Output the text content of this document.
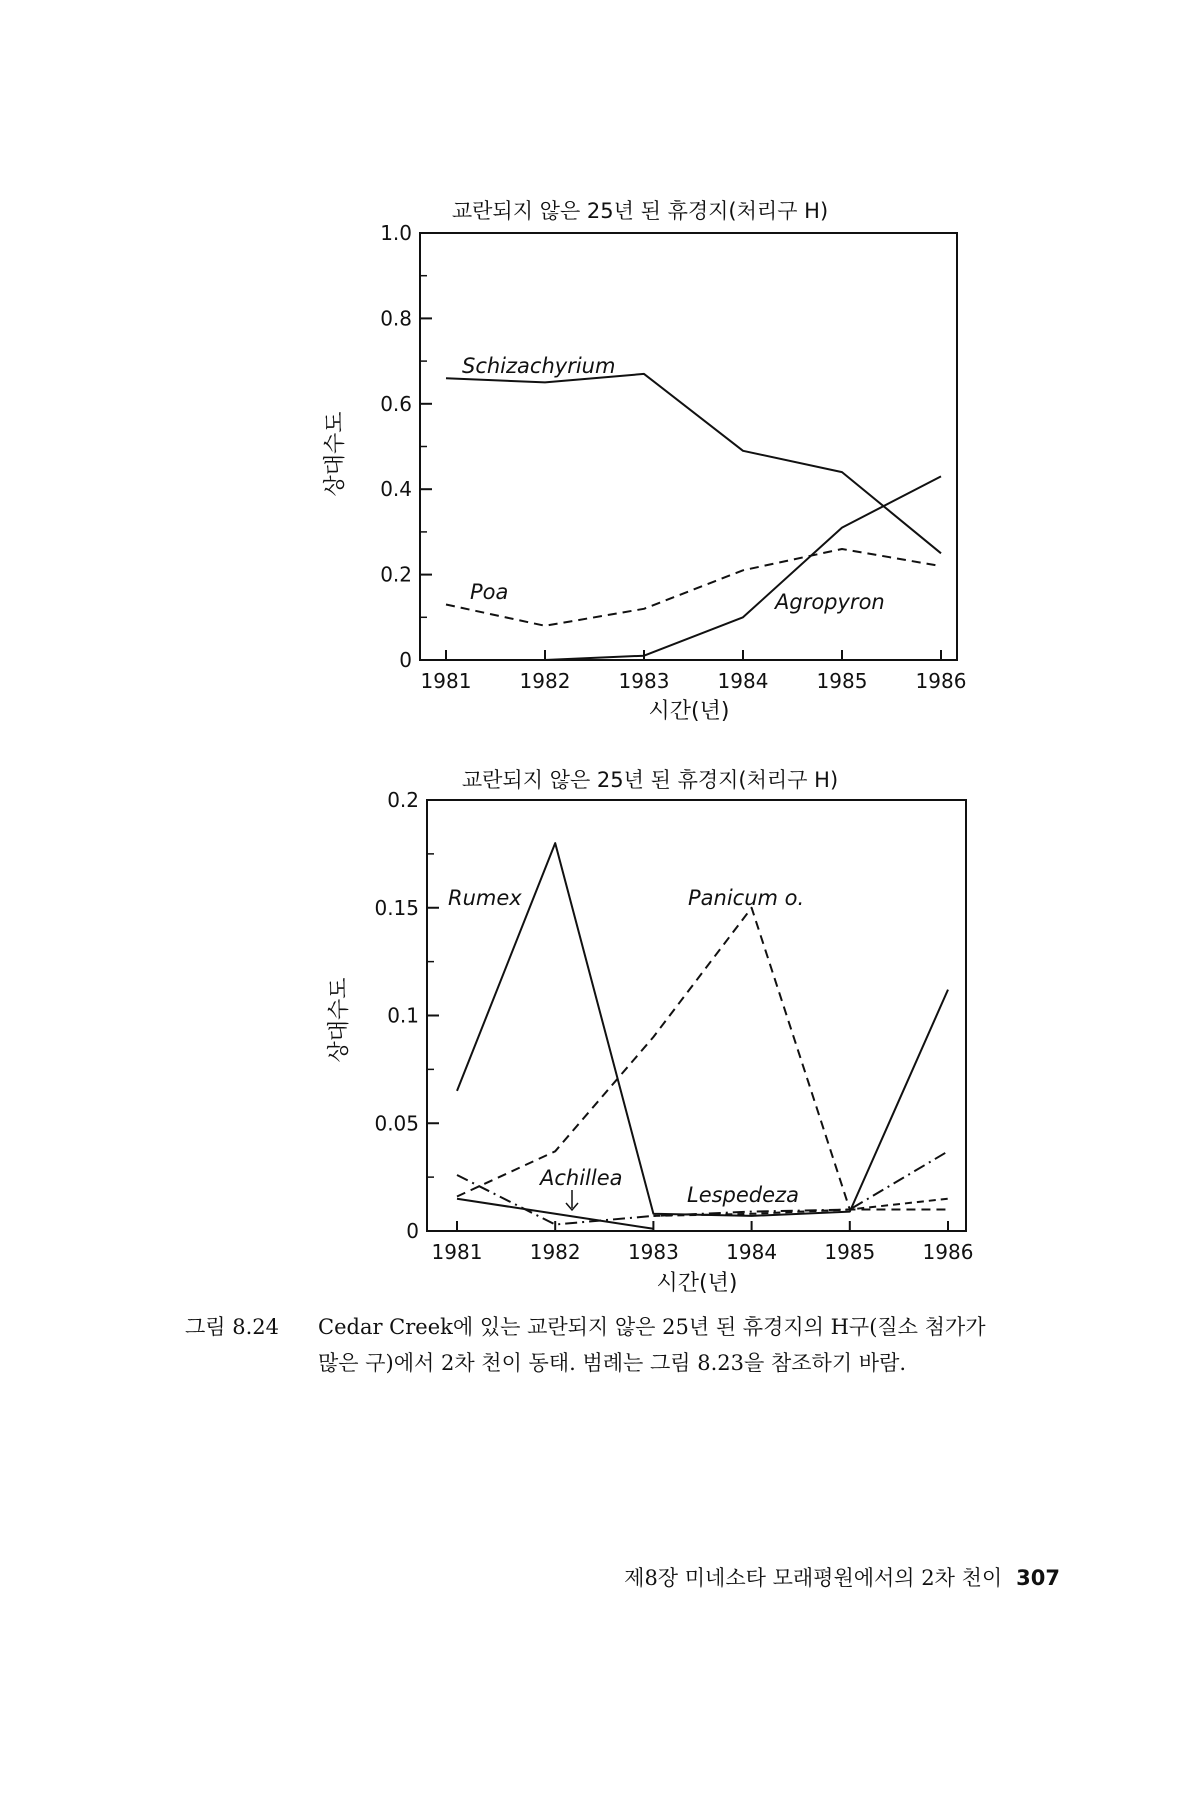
교란되지 않은 25년 된 휴경지(처리구 H)
0
0.2
0.4
0.6
0.8
1.0
1981 1982 1983 1984 1985 1986
상대수도
시간(년)
Schizachyrium
Poa	Agropyron
교란되지 않은 25년 된 휴경지(처리구 H)
0
0.05
0.1
0.15
0.2
1981 1982 1983 1984 1985 1986
상대수도
시간(년)
Rumex	Panicum o.
Achillea
Lespedeza
그림 8.24	Cedar Creek에 있는 교란되지 않은 25년 된 휴경지의 H구(질소 첨가가
많은 구)에서 2차 천이 동태. 범례는 그림 8.23을 참조하기 바람.
제8장 미네소타 모래평원에서의 2차 천이 307
